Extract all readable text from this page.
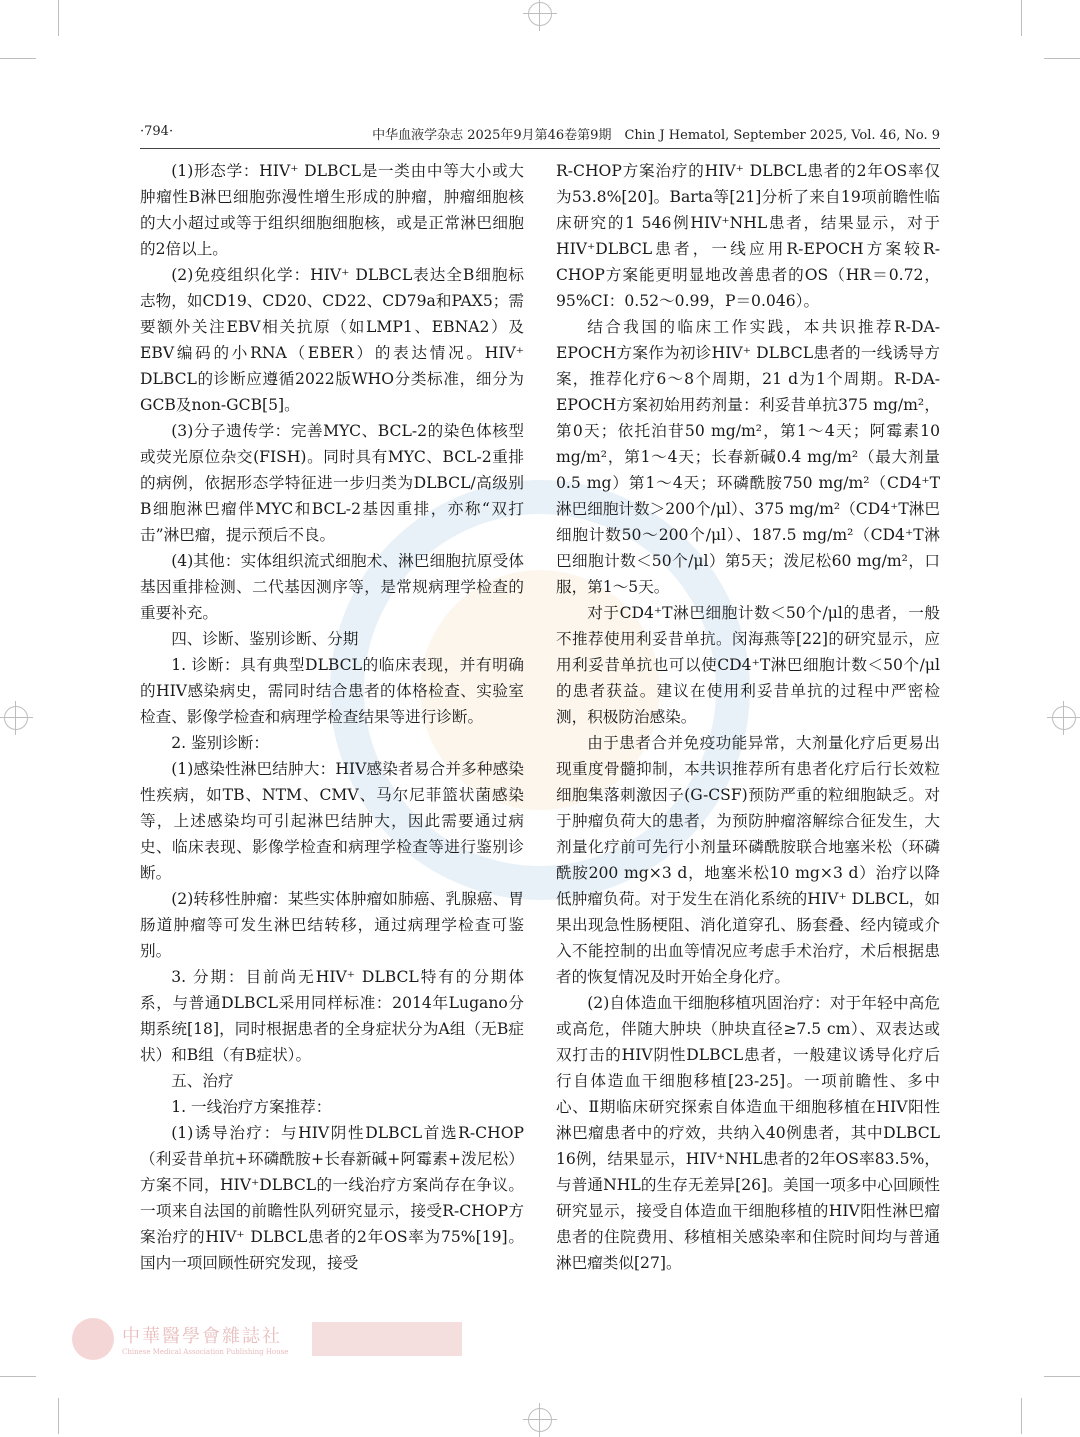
·794·	中华血液学杂志 2025年9月第46卷第9期　Chin J Hematol, September 2025, Vol. 46, No. 9

(1)形态学：HIV⁺ DLBCL是一类由中等大小或大肿瘤性B淋巴细胞弥漫性增生形成的肿瘤，肿瘤细胞核的大小超过或等于组织细胞细胞核，或是正常淋巴细胞的2倍以上。

(2)免疫组织化学：HIV⁺ DLBCL表达全B细胞标志物，如CD19、CD20、CD22、CD79a和PAX5；需要额外关注EBV相关抗原（如LMP1、EBNA2）及EBV编码的小RNA（EBER）的表达情况。HIV⁺ DLBCL的诊断应遵循2022版WHO分类标准，细分为GCB及non-GCB[5]。

(3)分子遗传学：完善MYC、BCL-2的染色体核型或荧光原位杂交(FISH)。同时具有MYC、BCL-2重排的病例，依据形态学特征进一步归类为DLBCL/高级别B细胞淋巴瘤伴MYC和BCL-2基因重排，亦称“双打击”淋巴瘤，提示预后不良。

(4)其他：实体组织流式细胞术、淋巴细胞抗原受体基因重排检测、二代基因测序等，是常规病理学检查的重要补充。

四、诊断、鉴别诊断、分期

1. 诊断：具有典型DLBCL的临床表现，并有明确的HIV感染病史，需同时结合患者的体格检查、实验室检查、影像学检查和病理学检查结果等进行诊断。

2. 鉴别诊断：

(1)感染性淋巴结肿大：HIV感染者易合并多种感染性疾病，如TB、NTM、CMV、马尔尼菲篮状菌感染等，上述感染均可引起淋巴结肿大，因此需要通过病史、临床表现、影像学检查和病理学检查等进行鉴别诊断。

(2)转移性肿瘤：某些实体肿瘤如肺癌、乳腺癌、胃肠道肿瘤等可发生淋巴结转移，通过病理学检查可鉴别。

3. 分期：目前尚无HIV⁺ DLBCL特有的分期体系，与普通DLBCL采用同样标准：2014年Lugano分期系统[18]，同时根据患者的全身症状分为A组（无B症状）和B组（有B症状）。

五、治疗

1. 一线治疗方案推荐：

(1)诱导治疗：与HIV阴性DLBCL首选R-CHOP（利妥昔单抗+环磷酰胺+长春新碱+阿霉素+泼尼松）方案不同，HIV⁺DLBCL的一线治疗方案尚存在争议。一项来自法国的前瞻性队列研究显示，接受R-CHOP方案治疗的HIV⁺ DLBCL患者的2年OS率为75%[19]。国内一项回顾性研究发现，接受

R-CHOP方案治疗的HIV⁺ DLBCL患者的2年OS率仅为53.8%[20]。Barta等[21]分析了来自19项前瞻性临床研究的1 546例HIV⁺NHL患者，结果显示，对于HIV⁺DLBCL患者，一线应用R-EPOCH方案较R-CHOP方案能更明显地改善患者的OS（HR＝0.72，95%CI：0.52～0.99，P＝0.046）。

结合我国的临床工作实践，本共识推荐R-DA-EPOCH方案作为初诊HIV⁺ DLBCL患者的一线诱导方案，推荐化疗6～8个周期，21 d为1个周期。R-DA-EPOCH方案初始用药剂量：利妥昔单抗375 mg/m²，第0天；依托泊苷50 mg/m²，第1～4天；阿霉素10 mg/m²，第1～4天；长春新碱0.4 mg/m²（最大剂量0.5 mg）第1～4天；环磷酰胺750 mg/m²（CD4⁺T淋巴细胞计数＞200个/μl）、375 mg/m²（CD4⁺T淋巴细胞计数50～200个/μl）、187.5 mg/m²（CD4⁺T淋巴细胞计数＜50个/μl）第5天；泼尼松60 mg/m²，口服，第1～5天。

对于CD4⁺T淋巴细胞计数＜50个/μl的患者，一般不推荐使用利妥昔单抗。闵海燕等[22]的研究显示，应用利妥昔单抗也可以使CD4⁺T淋巴细胞计数＜50个/μl的患者获益。建议在使用利妥昔单抗的过程中严密检测，积极防治感染。

由于患者合并免疫功能异常，大剂量化疗后更易出现重度骨髓抑制，本共识推荐所有患者化疗后行长效粒细胞集落刺激因子(G-CSF)预防严重的粒细胞缺乏。对于肿瘤负荷大的患者，为预防肿瘤溶解综合征发生，大剂量化疗前可先行小剂量环磷酰胺联合地塞米松（环磷酰胺200 mg×3 d，地塞米松10 mg×3 d）治疗以降低肿瘤负荷。对于发生在消化系统的HIV⁺ DLBCL，如果出现急性肠梗阻、消化道穿孔、肠套叠、经内镜或介入不能控制的出血等情况应考虑手术治疗，术后根据患者的恢复情况及时开始全身化疗。

(2)自体造血干细胞移植巩固治疗：对于年轻中高危或高危，伴随大肿块（肿块直径≥7.5 cm）、双表达或双打击的HIV阴性DLBCL患者，一般建议诱导化疗后行自体造血干细胞移植[23-25]。一项前瞻性、多中心、Ⅱ期临床研究探索自体造血干细胞移植在HIV阳性淋巴瘤患者中的疗效，共纳入40例患者，其中DLBCL 16例，结果显示，HIV⁺NHL患者的2年OS率83.5%，与普通NHL的生存无差异[26]。美国一项多中心回顾性研究显示，接受自体造血干细胞移植的HIV阳性淋巴瘤患者的住院费用、移植相关感染率和住院时间均与普通淋巴瘤类似[27]。

中華醫學會雜誌社
Chinese Medical Association Publishing House
